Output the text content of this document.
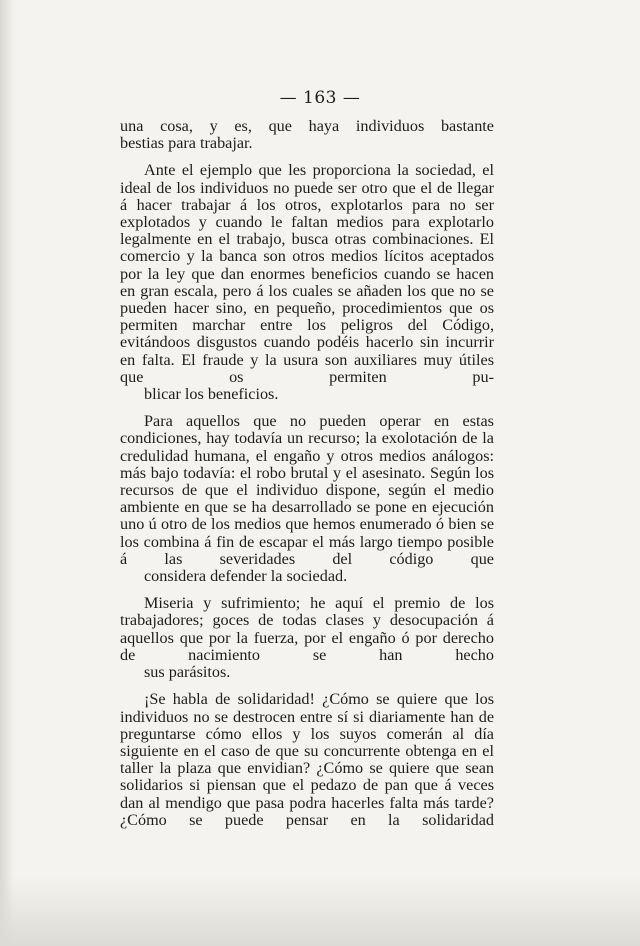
— 163 —

una cosa, y es, que haya individuos bastante
bestias para trabajar.

Ante el ejemplo que les proporciona la sociedad, el ideal de los individuos no puede ser otro que el de llegar á hacer trabajar á los otros, explotarlos para no ser explotados y cuando le faltan medios para explotarlo legalmente en el trabajo, busca otras combinaciones. El comercio y la banca son otros medios lícitos aceptados por la ley que dan enormes beneficios cuando se hacen en gran escala, pero á los cuales se añaden los que no se pueden hacer sino, en pequeño, procedimientos que os permiten marchar entre los peligros del Código, evitándoos disgustos cuando podéis hacerlo sin incurrir en falta. El fraude y la usura son auxiliares muy útiles que os permiten pu-
blicar los beneficios.

Para aquellos que no pueden operar en estas condiciones, hay todavía un recurso; la exolotación de la credulidad humana, el engaño y otros medios análogos: más bajo todavía: el robo brutal y el asesinato. Según los recursos de que el individuo dispone, según el medio ambiente en que se ha desarrollado se pone en ejecución uno ú otro de los medios que hemos enumerado ó bien se los combina á fin de escapar el más largo tiempo posible á las severidades del código que
considera defender la sociedad.

Miseria y sufrimiento; he aquí el premio de los trabajadores; goces de todas clases y desocupación á aquellos que por la fuerza, por el engaño ó por derecho de nacimiento se han hecho
sus parásitos.

¡Se habla de solidaridad! ¿Cómo se quiere que los individuos no se destrocen entre sí si diariamente han de preguntarse cómo ellos y los suyos comerán al día siguiente en el caso de que su concurrente obtenga en el taller la plaza que envidian? ¿Cómo se quiere que sean solidarios si piensan que el pedazo de pan que á veces dan al mendigo que pasa podra hacerles falta más tarde? ¿Cómo se puede pensar en la solidaridad
